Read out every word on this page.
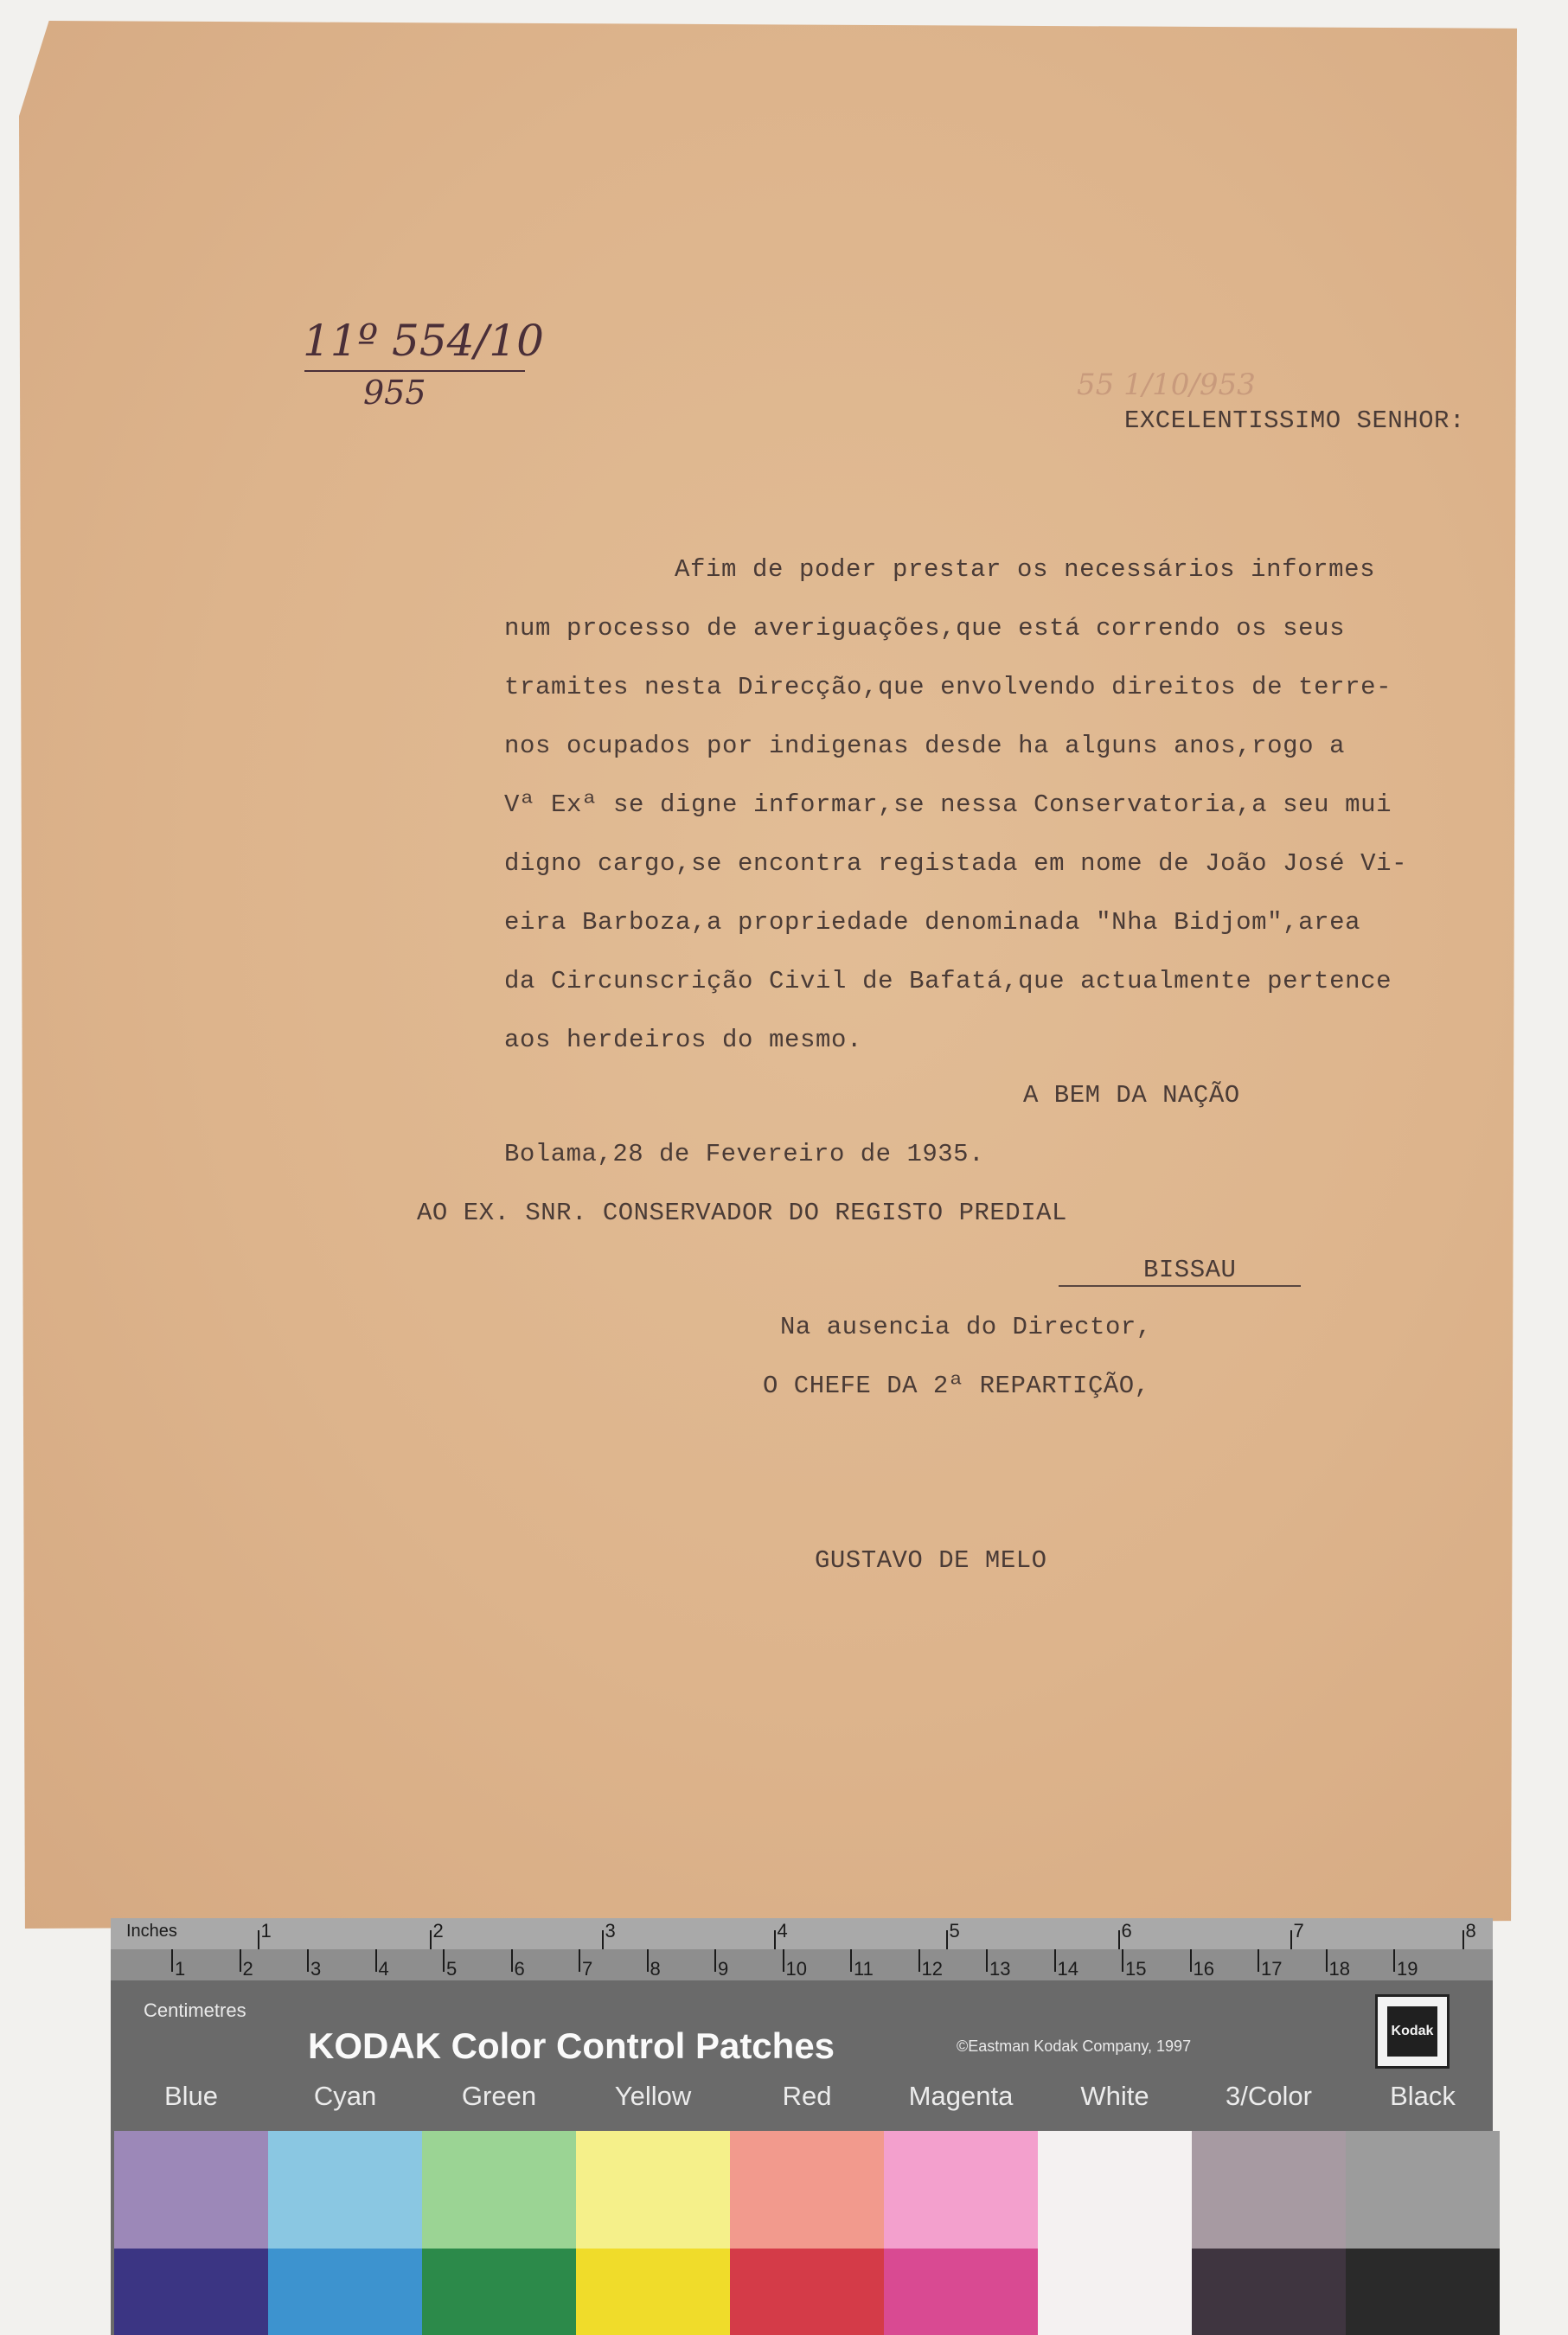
11º 554/10
955	55 1/10/953
EXCELENTISSIMO SENHOR:
Afim de poder prestar os necessários informes
num processo de averiguações,que está correndo os seus
tramites nesta Direcção,que envolvendo direitos de terre-
nos ocupados por indigenas desde ha alguns anos,rogo a
Vª Exª se digne informar,se nessa Conservatoria,a seu mui
digno cargo,se encontra registada em nome de João José Vi-
eira Barboza,a propriedade denominada "Nha Bidjom",area
da Circunscrição Civil de Bafatá,que actualmente pertence
aos herdeiros do mesmo.
A BEM DA NAÇÃO
Bolama,28 de Fevereiro de 1935.
AO EX. SNR. CONSERVADOR DO REGISTO PREDIAL
BISSAU
Na ausencia do Director,
O CHEFE DA 2ª REPARTIÇÃO,
GUSTAVO DE MELO
1	2	3	4	5	6	7	8
1	2	3	4	5	6	7	8	9	10 11	12 13 14 15 16 17 18 19
Inches
Centimetres
KODAK Color Control Patches	©Eastman Kodak Company, 1997
Kodak
Blue	Cyan	Green	Yellow	Red	Magenta	White	3/Color	Black
